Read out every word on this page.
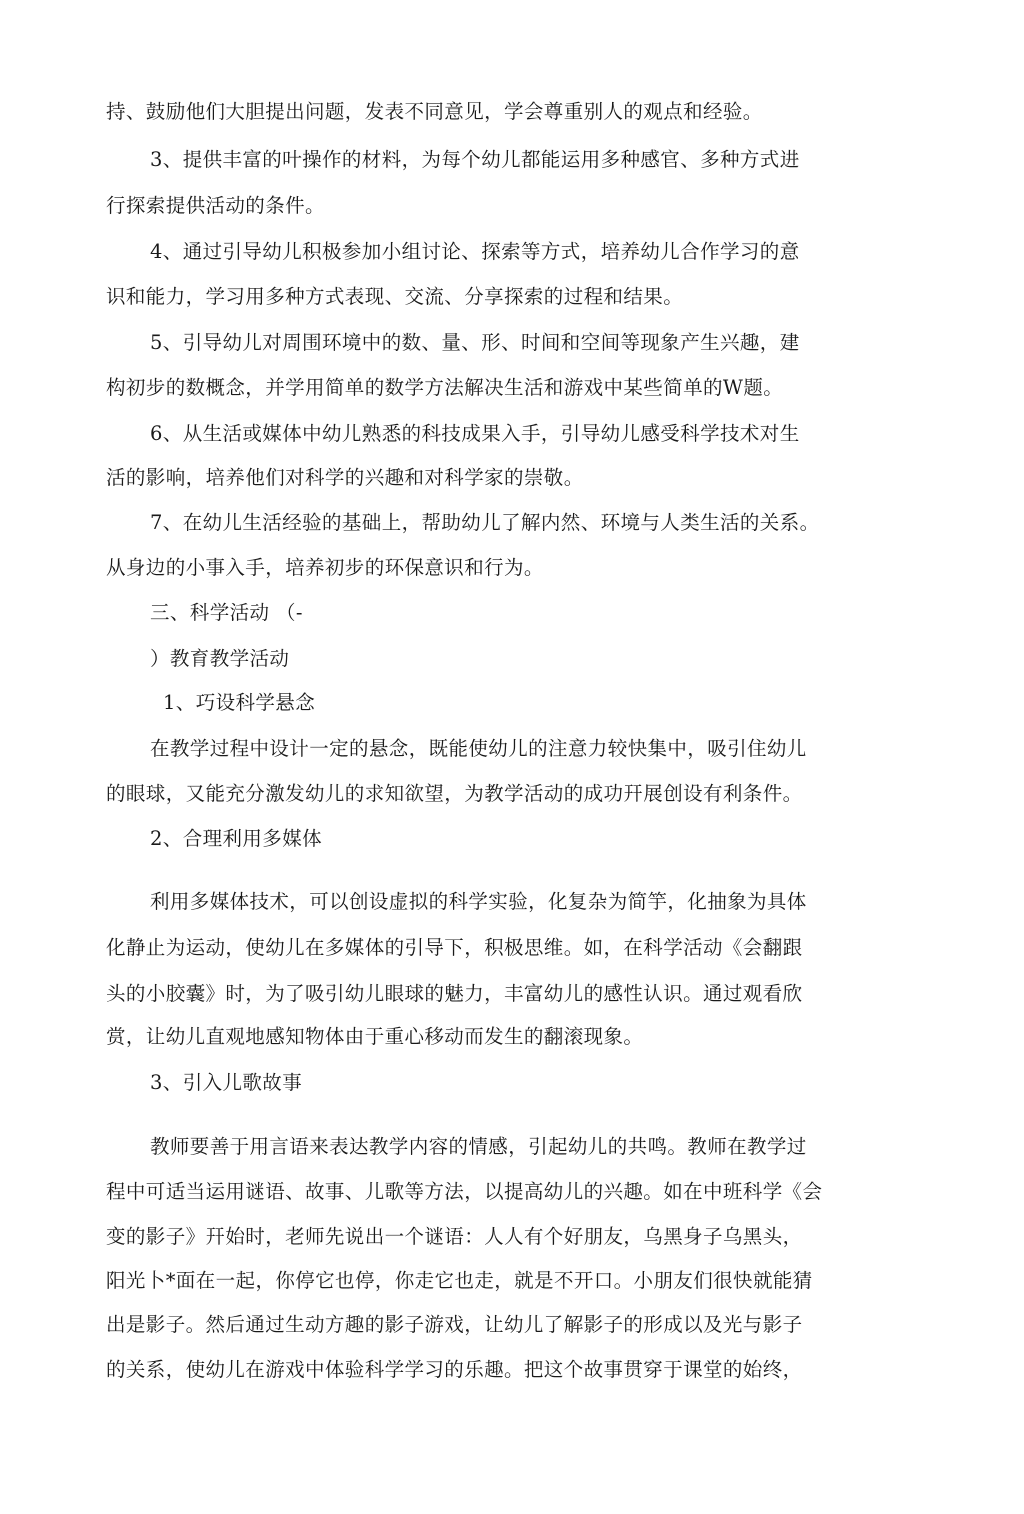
持、鼓励他们大胆提出问题，发表不同意见，学会尊重别人的观点和经验。
3、提供丰富的叶操作的材料，为每个幼儿都能运用多种感官、多种方式进
行探索提供活动的条件。
4、通过引导幼儿积极参加小组讨论、探索等方式，培养幼儿合作学习的意
识和能力，学习用多种方式表现、交流、分享探索的过程和结果。
5、引导幼儿对周围环境中的数、量、形、时间和空间等现象产生兴趣，建
构初步的数概念，并学用简单的数学方法解决生活和游戏中某些简单的W题。
6、从生活或媒体中幼儿熟悉的科技成果入手，引导幼儿感受科学技术对生
活的影响，培养他们对科学的兴趣和对科学家的崇敬。
7、在幼儿生活经验的基础上，帮助幼儿了解内然、环境与人类生活的关系。
从身边的小事入手，培养初步的环保意识和行为。
三、科学活动 （-
）教育教学活动
1、巧设科学悬念
在教学过程中设计一定的悬念，既能使幼儿的注意力较快集中，吸引住幼儿
的眼球，又能充分激发幼儿的求知欲望，为教学活动的成功幵展创设有利条件。
2、合理利用多媒体
利用多媒体技术，可以创设虚拟的科学实验，化复杂为简竽，化抽象为具体
化静止为运动，使幼儿在多媒体的引导下，积极思维。如，在科学活动《会翻跟
头的小胶囊》时，为了吸引幼儿眼球的魅力，丰富幼儿的感性认识。通过观看欣
赏，让幼儿直观地感知物体由于重心移动而发生的翻滚现象。
3、引入儿歌故事
教师要善于用言语来表达教学内容的情感，引起幼儿的共鸣。教师在教学过
程中可适当运用谜语、故事、儿歌等方法，以提高幼儿的兴趣。如在中班科学《会
变的影子》幵始时，老师先说出一个谜语：人人有个好朋友，乌黑身子乌黑头，
阳光卜*面在一起，你停它也停，你走它也走，就是不开口。小朋友们很快就能猜
出是影子。然后通过生动方趣的影子游戏，让幼儿了解影子的形成以及光与影子
的关系，使幼儿在游戏中体验科学学习的乐趣。把这个故事贯穿于课堂的始终，
